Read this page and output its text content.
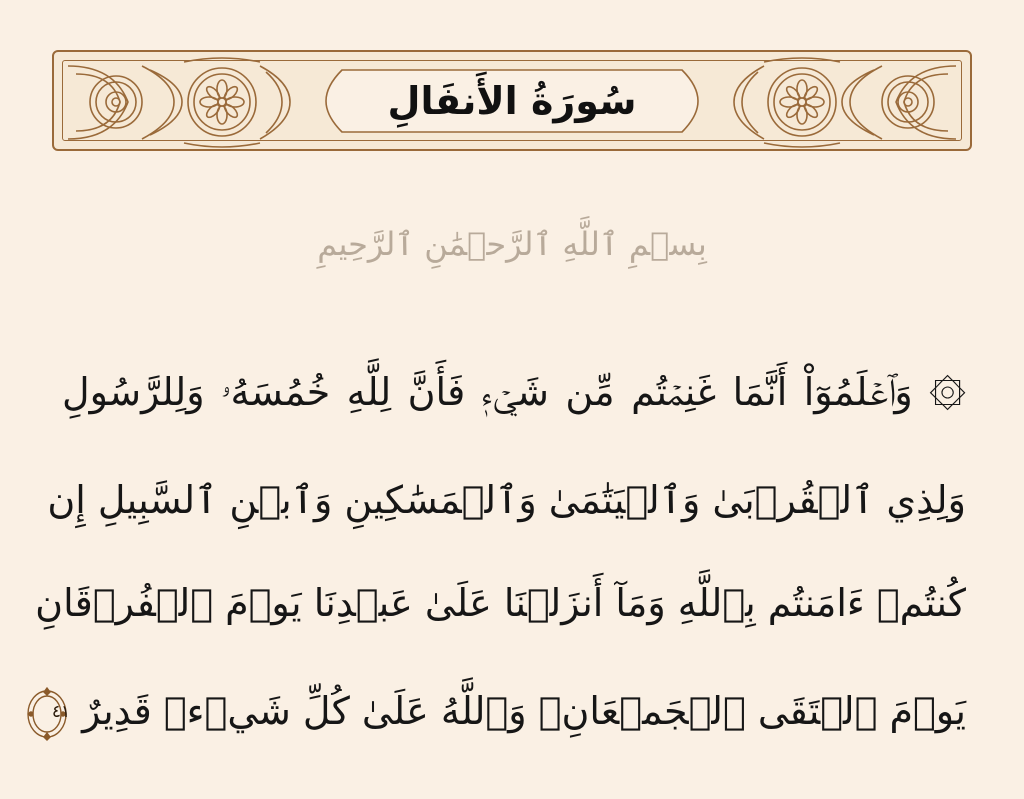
سُورَةُ الأَنفَالِ
بِسۡمِ ٱللَّهِ ٱلرَّحۡمَٰنِ ٱلرَّحِيمِ
۞ وَٱعۡلَمُوٓاْ أَنَّمَا غَنِمۡتُم مِّن شَيۡءٖ فَأَنَّ لِلَّهِ خُمُسَهُۥ وَلِلرَّسُولِ
وَلِذِي ٱلۡقُرۡبَىٰ وَٱلۡيَتَٰمَىٰ وَٱلۡمَسَٰكِينِ وَٱبۡنِ ٱلسَّبِيلِ إِن
كُنتُمۡ ءَامَنتُم بِٱللَّهِ وَمَآ أَنزَلۡنَا عَلَىٰ عَبۡدِنَا يَوۡمَ ٱلۡفُرۡقَانِ
يَوۡمَ ٱلۡتَقَى ٱلۡجَمۡعَانِۗ وَٱللَّهُ عَلَىٰ كُلِّ شَيۡءٖ قَدِيرٌ
٤١
